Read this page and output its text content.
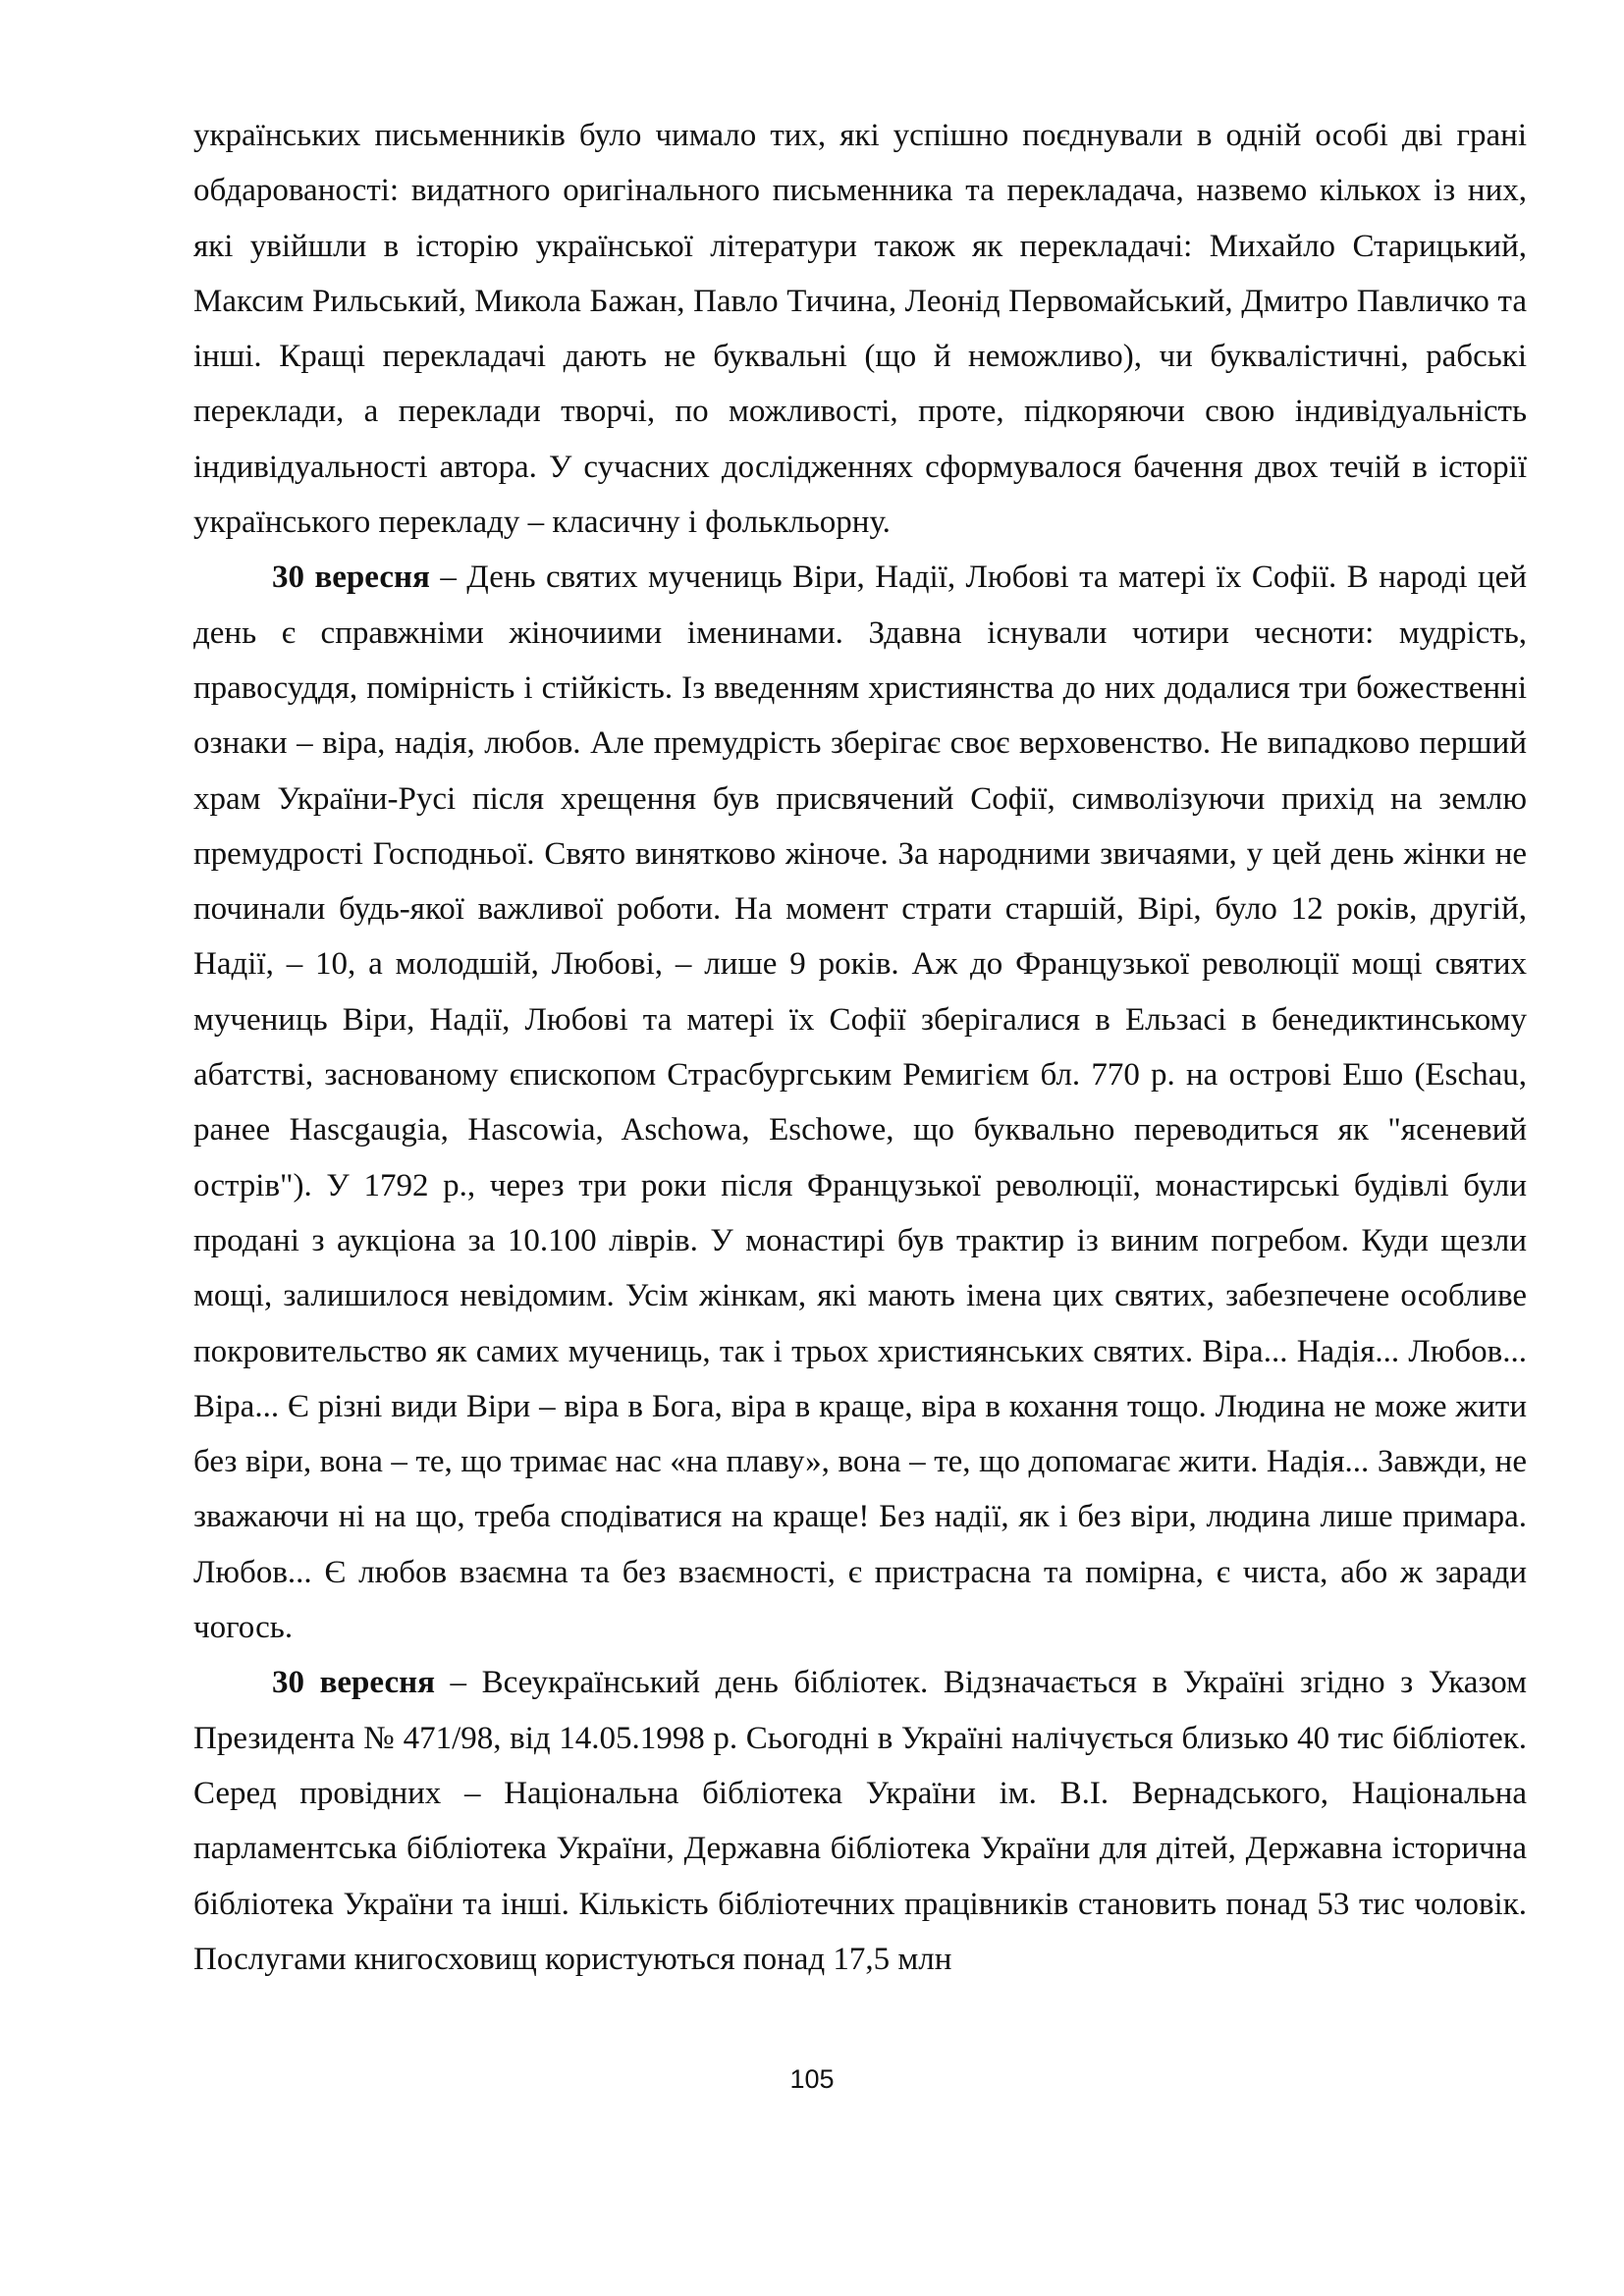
українських письменників було чимало тих, які успішно поєднували в одній особі дві грані обдарованості: видатного оригінального письменника та перекладача, назвемо кількох із них, які увійшли в історію української літератури також як перекладачі: Михайло Старицький, Максим Рильський, Микола Бажан, Павло Тичина, Леонід Первомайський, Дмитро Павличко та інші. Кращі перекладачі дають не буквальні (що й неможливо), чи буквалістичні, рабські переклади, а переклади творчі, по можливості, проте, підкоряючи свою індивідуальність індивідуальності автора. У сучасних дослідженнях сформувалося бачення двох течій в історії українського перекладу – класичну і фолькльорну.

30 вересня – День святих мучениць Віри, Надії, Любові та матері їх Софії. В народі цей день є справжніми жіночиими іменинами. Здавна існували чотири чесноти: мудрість, правосуддя, помірність і стійкість. Із введенням християнства до них додалися три божественні ознаки – віра, надія, любов. Але премудрість зберігає своє верховенство. Не випадково перший храм України-Русі після хрещення був присвячений Софії, символізуючи прихід на землю премудрості Господньої. Свято винятково жіноче. За народними звичаями, у цей день жінки не починали будь-якої важливої роботи. На момент страти старшій, Вірі, було 12 років, другій, Надії, – 10, а молодшій, Любові, – лише 9 років. Аж до Французької революції мощі святих мучениць Віри, Надії, Любові та матері їх Софії зберігалися в Ельзасі в бенедиктинському абатстві, заснованому єпископом Страсбургським Ремигієм бл. 770 р. на острові Ешо (Eschau, ранее Hascgaugia, Hascowia, Aschowa, Eschowe, що буквально переводиться як "ясеневий острів"). У 1792 р., через три роки після Французької революції, монастирські будівлі були продані з аукціона за 10.100 ліврів. У монастирі був трактир із виним погребом. Куди щезли мощі, залишилося невідомим. Усім жінкам, які мають імена цих святих, забезпечене особливе покровительство як самих мучениць, так і трьох християнських святих. Віра... Надія... Любов... Віра... Є різні види Віри – віра в Бога, віра в краще, віра в кохання тощо. Людина не може жити без віри, вона – те, що тримає нас «на плаву», вона – те, що допомагає жити. Надія... Завжди, не зважаючи ні на що, треба сподіватися на краще! Без надії, як і без віри, людина лише примара. Любов... Є любов взаємна та без взаємності, є пристрасна та помірна, є чиста, або ж заради чогось.

30 вересня – Всеукраїнський день бібліотек. Відзначається в Україні згідно з Указом Президента № 471/98, від 14.05.1998 р. Сьогодні в Україні налічується близько 40 тис бібліотек. Серед провідних – Національна бібліотека України ім. В.І. Вернадського, Національна парламентська бібліотека України, Державна бібліотека України для дітей, Державна історична бібліотека України та інші. Кількість бібліотечних працівників становить понад 53 тис чоловік. Послугами книгосховищ користуються понад 17,5 млн

105
